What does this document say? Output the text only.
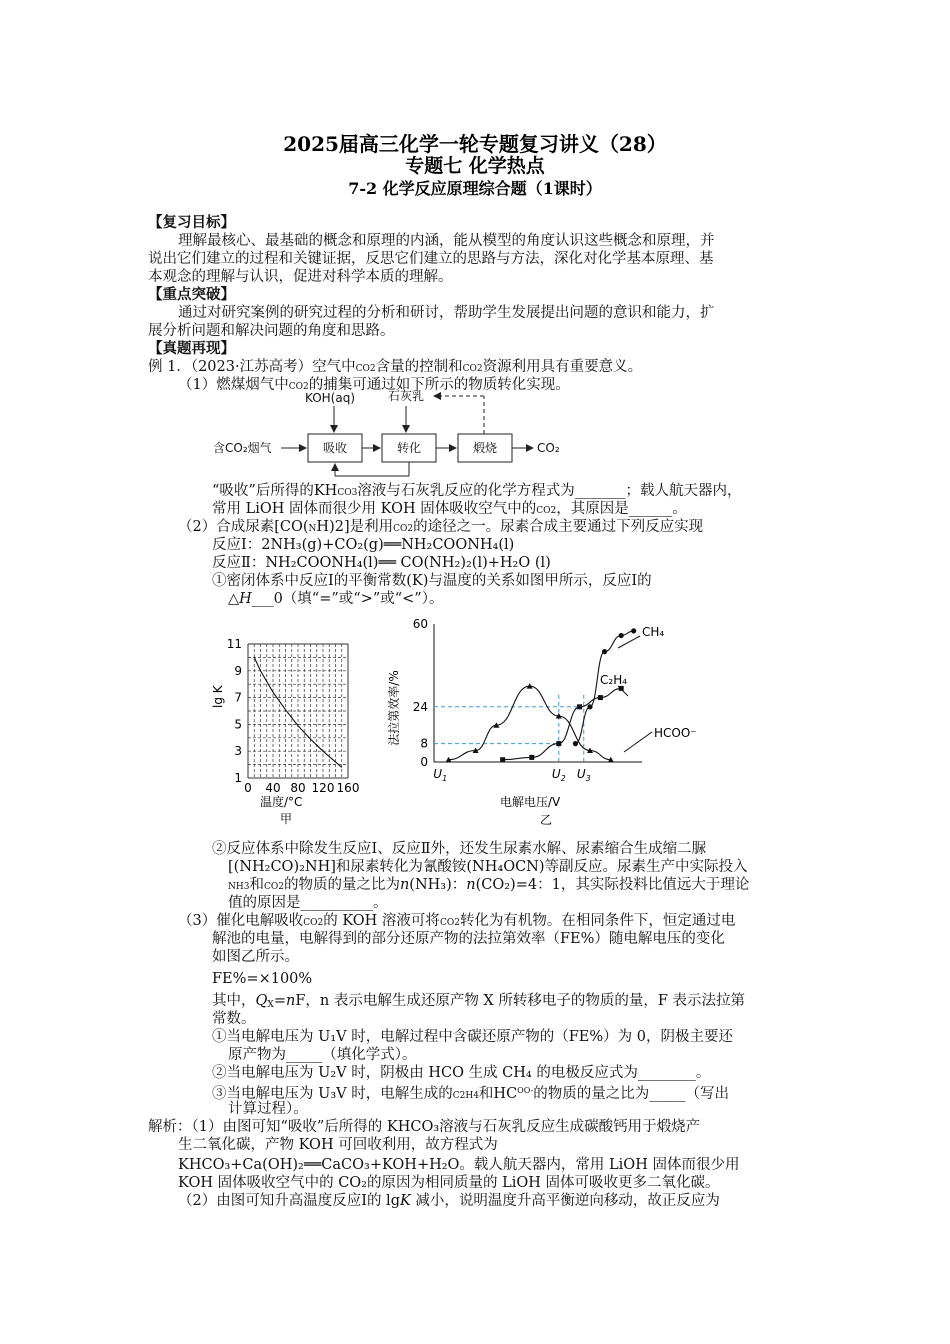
2025届高三化学一轮专题复习讲义（28）
专题七 化学热点
7-2 化学反应原理综合题（1课时）
【复习目标】
理解最核心、最基础的概念和原理的内涵，能从模型的角度认识这些概念和原理，并
说出它们建立的过程和关键证据，反思它们建立的思路与方法，深化对化学基本原理、基
本观念的理解与认识，促进对科学本质的理解。
【重点突破】
通过对研究案例的研究过程的分析和研讨，帮助学生发展提出问题的意识和能力，扩
展分析问题和解决问题的角度和思路。
【真题再现】
例 1．（2023·江苏高考）空气中CO2含量的控制和CO2资源利用具有重要意义。
（1）燃煤烟气中CO2的捕集可通过如下所示的物质转化实现。
KOH(aq)	石灰乳
含CO₂烟气	吸收	转化	煅烧	CO₂
“吸收”后所得的KHCO3溶液与石灰乳反应的化学方程式为_______；载人航天器内，
常用 LiOH 固体而很少用 KOH 固体吸收空气中的CO2，其原因是______。
（2）合成尿素[CO(NH)2]是利用CO2的途径之一。尿素合成主要通过下列反应实现
反应Ⅰ：2NH₃(g)+CO₂(g)══NH₂COONH₄(l)
反应Ⅱ：NH₂COONH₄(l)══ CO(NH₂)₂(l)+H₂O (l)
①密闭体系中反应Ⅰ的平衡常数(K)与温度的关系如图甲所示，反应Ⅰ的
△H___0（填“=”或“>”或“<”）。
lg K
0 40 80 120 160
1
3
5
7
9
11
温度/°C
甲
法拉第效率/%
0
8
24
60
$U_1$	$U_2$ $U_3$
CH₄
C₂H₄
HCOO⁻
电解电压/V
乙
②反应体系中除发生反应Ⅰ、反应Ⅱ外，还发生尿素水解、尿素缩合生成缩二脲
[(NH₂CO)₂NH]和尿素转化为氰酸铵(NH₄OCN)等副反应。尿素生产中实际投入
NH3和CO2的物质的量之比为n(NH₃)：n(CO₂)=4：1，其实际投料比值远大于理论
值的原因是__________。
（3）催化电解吸收CO2的 KOH 溶液可将CO2转化为有机物。在相同条件下，恒定通过电
解池的电量，电解得到的部分还原产物的法拉第效率（FE%）随电解电压的变化
如图乙所示。
FE%=×100%
其中，$Q_X=nF$，n 表示电解生成还原产物 X 所转移电子的物质的量，F 表示法拉第
常数。
①当电解电压为 U₁V 时，电解过程中含碳还原产物的（FE%）为 0，阴极主要还
原产物为_____（填化学式）。
②当电解电压为 U₂V 时，阴极由 HCO 生成 CH₄ 的电极反应式为________。
③当电解电压为 U₃V 时，电解生成的C2H4和$HC^{OO-}$的物质的量之比为_____（写出
计算过程）。
解析：（1）由图可知“吸收”后所得的 KHCO₃溶液与石灰乳反应生成碳酸钙用于煅烧产
生二氧化碳，产物 KOH 可回收利用，故方程式为
KHCO₃+Ca(OH)₂══CaCO₃+KOH+H₂O。载人航天器内，常用 LiOH 固体而很少用
KOH 固体吸收空气中的 CO₂的原因为相同质量的 LiOH 固体可吸收更多二氧化碳。
（2）由图可知升高温度反应Ⅰ的 lgK 减小，说明温度升高平衡逆向移动，故正反应为
